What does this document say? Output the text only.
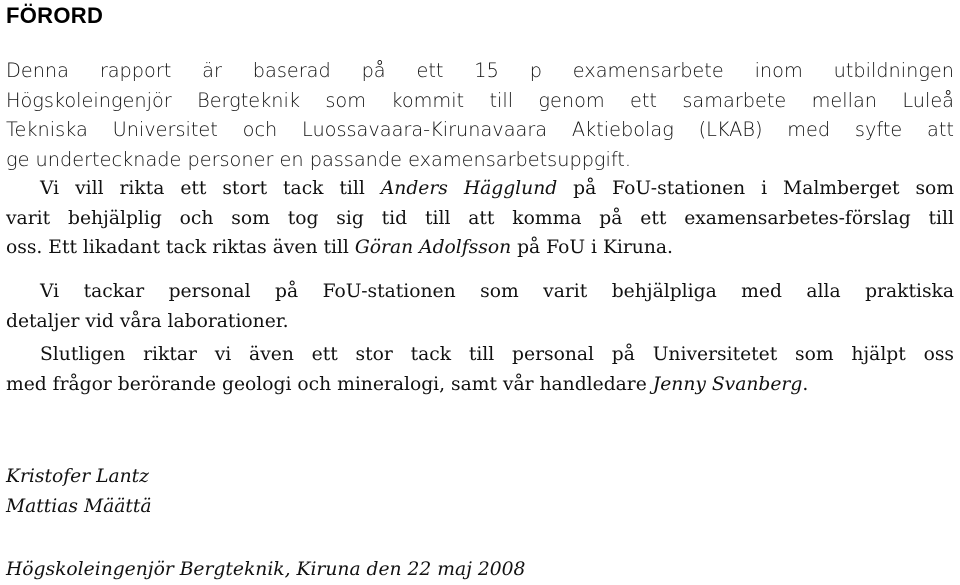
FÖRORD
Denna rapport är baserad på ett 15 p examensarbete inom utbildningen
Högskoleingenjör Bergteknik som kommit till genom ett samarbete mellan Luleå
Tekniska Universitet och Luossavaara-Kirunavaara Aktiebolag (LKAB) med syfte att
ge undertecknade personer en passande examensarbetsuppgift.
Vi vill rikta ett stort tack till Anders Hägglund på FoU-stationen i Malmberget som
varit behjälplig och som tog sig tid till att komma på ett examensarbetes-förslag till
oss. Ett likadant tack riktas även till Göran Adolfsson på FoU i Kiruna.
Vi tackar personal på FoU-stationen som varit behjälpliga med alla praktiska
detaljer vid våra laborationer.
Slutligen riktar vi även ett stor tack till personal på Universitetet som hjälpt oss
med frågor berörande geologi och mineralogi, samt vår handledare Jenny Svanberg.
Kristofer Lantz
Mattias Määttä
Högskoleingenjör Bergteknik, Kiruna den 22 maj 2008
